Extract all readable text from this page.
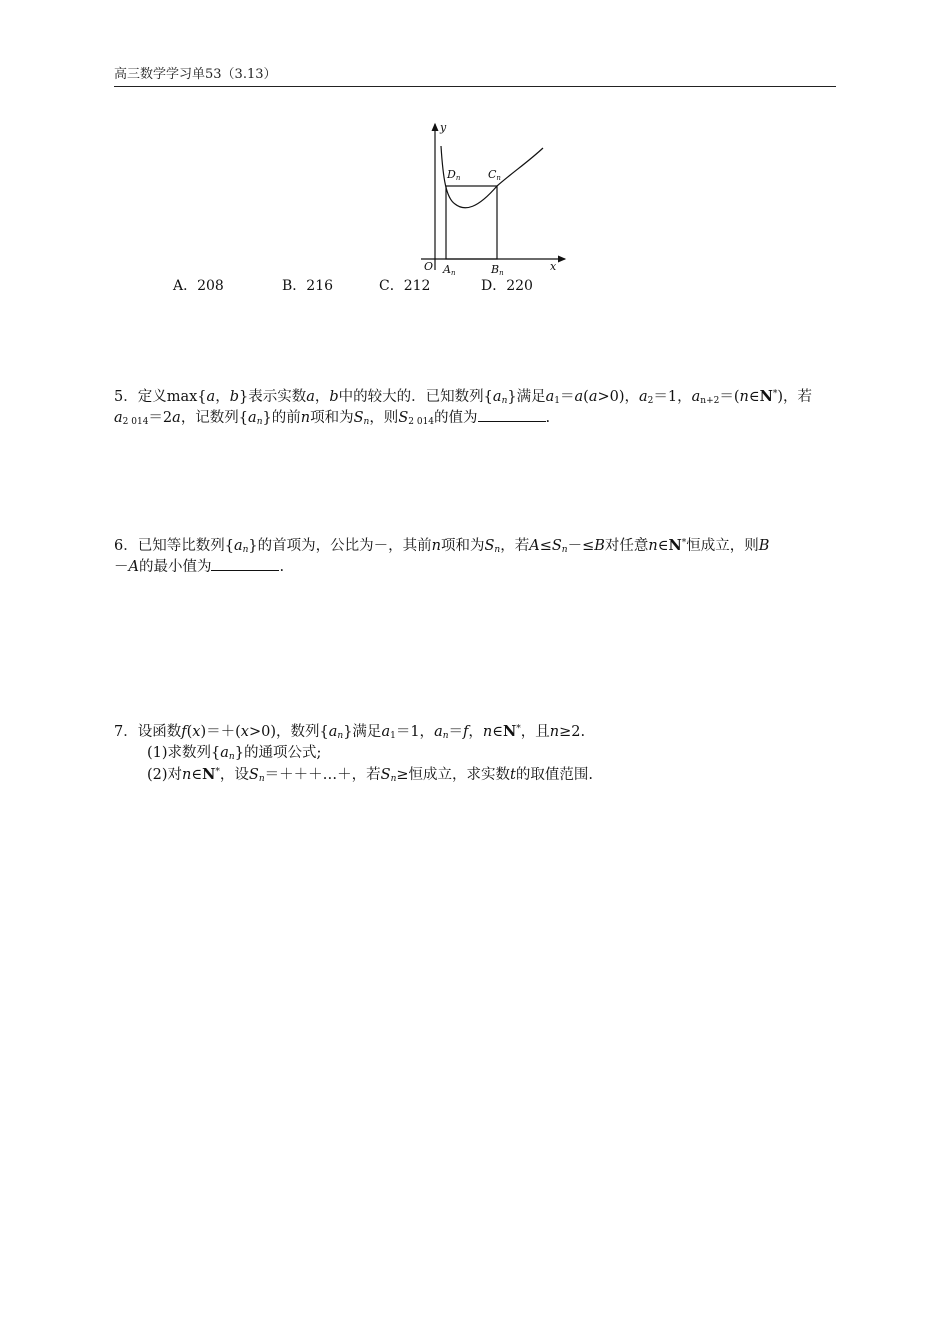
高三数学学习单53（3.13）
y
x
O
Dn	Cn
An	Bn
A．208	B．216	C．212	D．220

5．定义max{a，b}表示实数a，b中的较大的．已知数列$\{a_n\}$满足$a_1=a(a>0)$，$a_2=1$，$a_{n+2}=(n\in N^*)$，若

$a_{2 014}=2a$，记数列$\{a_n\}$的前n项和为$S_n$，则$S_{2 014}$的值为	.

6．已知等比数列$\{a_n\}$的首项为，公比为－，其前n项和为$S_n$，若$A\le S_n-\le B$对任意n∈N*恒成立，则B

－A的最小值为	.

7．设函数f(x)＝＋(x>0)，数列$\{a_n\}$满足$a_1=1$，$a_n=f$，n∈N*，且n≥2.

(1)求数列$\{a_n\}$的通项公式;

(2)对n∈N*，设$S_n=+++\dots+$，若$S_n\ge$恒成立，求实数t的取值范围.
